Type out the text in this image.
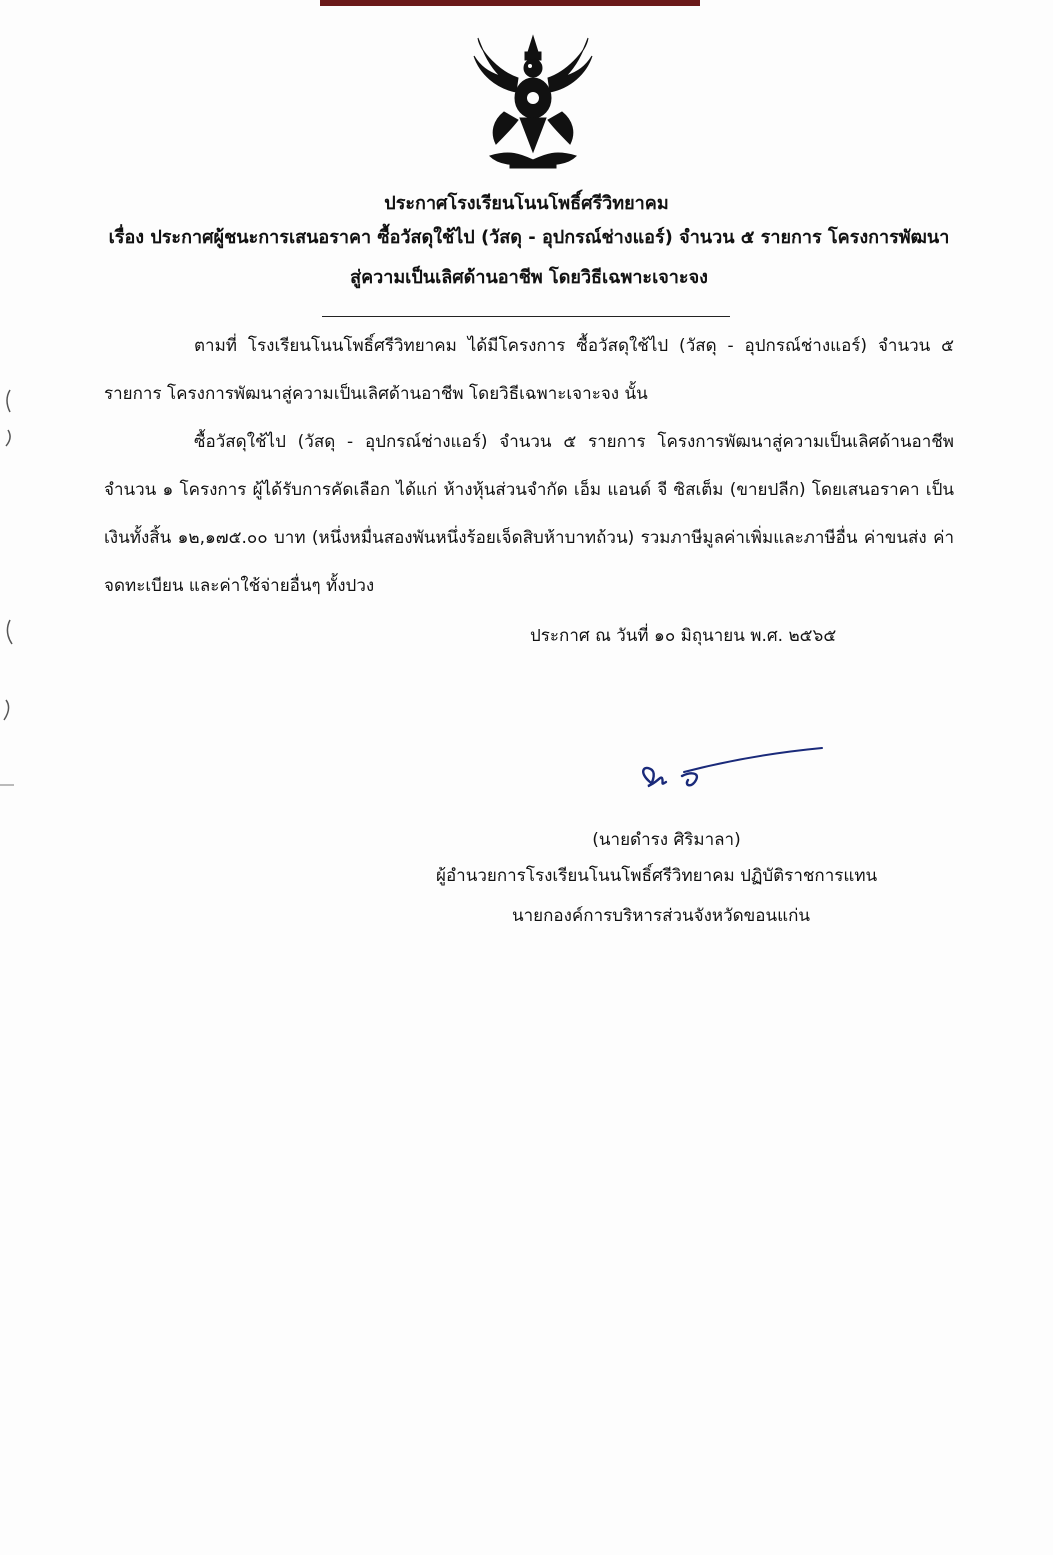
ประกาศโรงเรียนโนนโพธิ์ศรีวิทยาคม
เรื่อง ประกาศผู้ชนะการเสนอราคา ซื้อวัสดุใช้ไป (วัสดุ - อุปกรณ์ช่างแอร์) จำนวน ๕ รายการ โครงการพัฒนาสู่ความเป็นเลิศด้านอาชีพ โดยวิธีเฉพาะเจาะจง
ตามที่ โรงเรียนโนนโพธิ์ศรีวิทยาคม ได้มีโครงการ ซื้อวัสดุใช้ไป (วัสดุ - อุปกรณ์ช่างแอร์) จำนวน ๕ รายการ โครงการพัฒนาสู่ความเป็นเลิศด้านอาชีพ โดยวิธีเฉพาะเจาะจง นั้น
ซื้อวัสดุใช้ไป (วัสดุ - อุปกรณ์ช่างแอร์) จำนวน ๕ รายการ โครงการพัฒนาสู่ความเป็นเลิศด้านอาชีพ จำนวน ๑ โครงการ ผู้ได้รับการคัดเลือก ได้แก่ ห้างหุ้นส่วนจำกัด เอ็ม แอนด์ จี ซิสเต็ม (ขายปลีก) โดยเสนอราคา เป็นเงินทั้งสิ้น ๑๒,๑๗๕.๐๐ บาท (หนึ่งหมื่นสองพันหนึ่งร้อยเจ็ดสิบห้าบาทถ้วน) รวมภาษีมูลค่าเพิ่มและภาษีอื่น ค่าขนส่ง ค่าจดทะเบียน และค่าใช้จ่ายอื่นๆ ทั้งปวง
ประกาศ ณ วันที่ ๑๐ มิถุนายน พ.ศ. ๒๕๖๕
(นายดำรง ศิริมาลา)
ผู้อำนวยการโรงเรียนโนนโพธิ์ศรีวิทยาคม ปฏิบัติราชการแทน
นายกองค์การบริหารส่วนจังหวัดขอนแก่น
